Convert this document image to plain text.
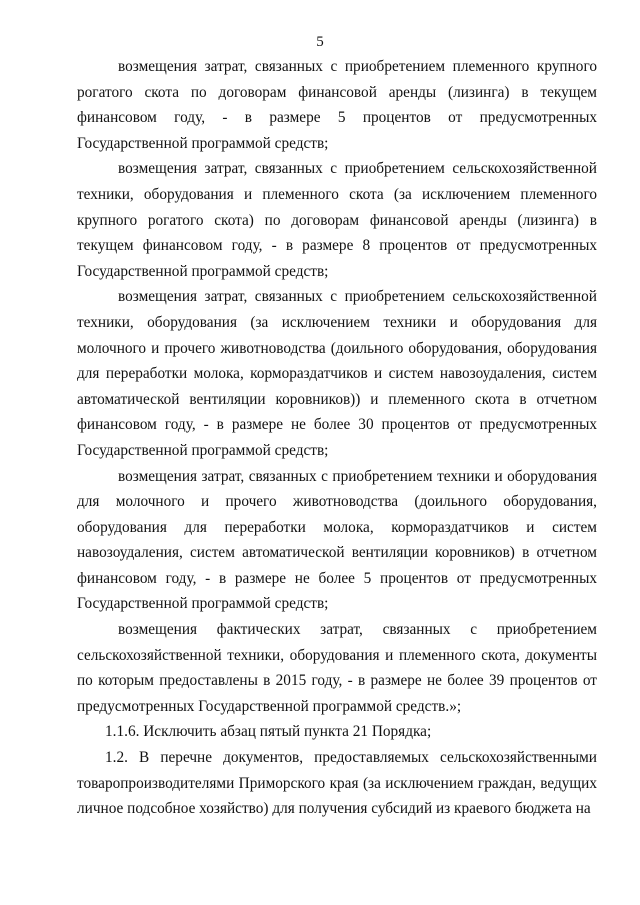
5

возмещения затрат, связанных с приобретением племенного крупного рогатого скота по договорам финансовой аренды (лизинга) в текущем финансовом году, - в размере 5 процентов от предусмотренных Государственной программой средств;

возмещения затрат, связанных с приобретением сельскохозяйственной техники, оборудования и племенного скота (за исключением племенного крупного рогатого скота) по договорам финансовой аренды (лизинга) в текущем финансовом году, - в размере 8 процентов от предусмотренных Государственной программой средств;

возмещения затрат, связанных с приобретением сельскохозяйственной техники, оборудования (за исключением техники и оборудования для молочного и прочего животноводства (доильного оборудования, оборудования для переработки молока, кормораздатчиков и систем навозоудаления, систем автоматической вентиляции коровников)) и племенного скота в отчетном финансовом году, - в размере не более 30 процентов от предусмотренных Государственной программой средств;

возмещения затрат, связанных с приобретением техники и оборудования для молочного и прочего животноводства (доильного оборудования, оборудования для переработки молока, кормораздатчиков и систем навозоудаления, систем автоматической вентиляции коровников) в отчетном финансовом году, - в размере не более 5 процентов от предусмотренных Государственной программой средств;

возмещения фактических затрат, связанных с приобретением сельскохозяйственной техники, оборудования и племенного скота, документы по которым предоставлены в 2015 году, - в размере не более 39 процентов от предусмотренных Государственной программой средств.»;

1.1.6. Исключить абзац пятый пункта 21 Порядка;

1.2. В перечне документов, предоставляемых сельскохозяйственными товаропроизводителями Приморского края (за исключением граждан, ведущих личное подсобное хозяйство) для получения субсидий из краевого бюджета на
